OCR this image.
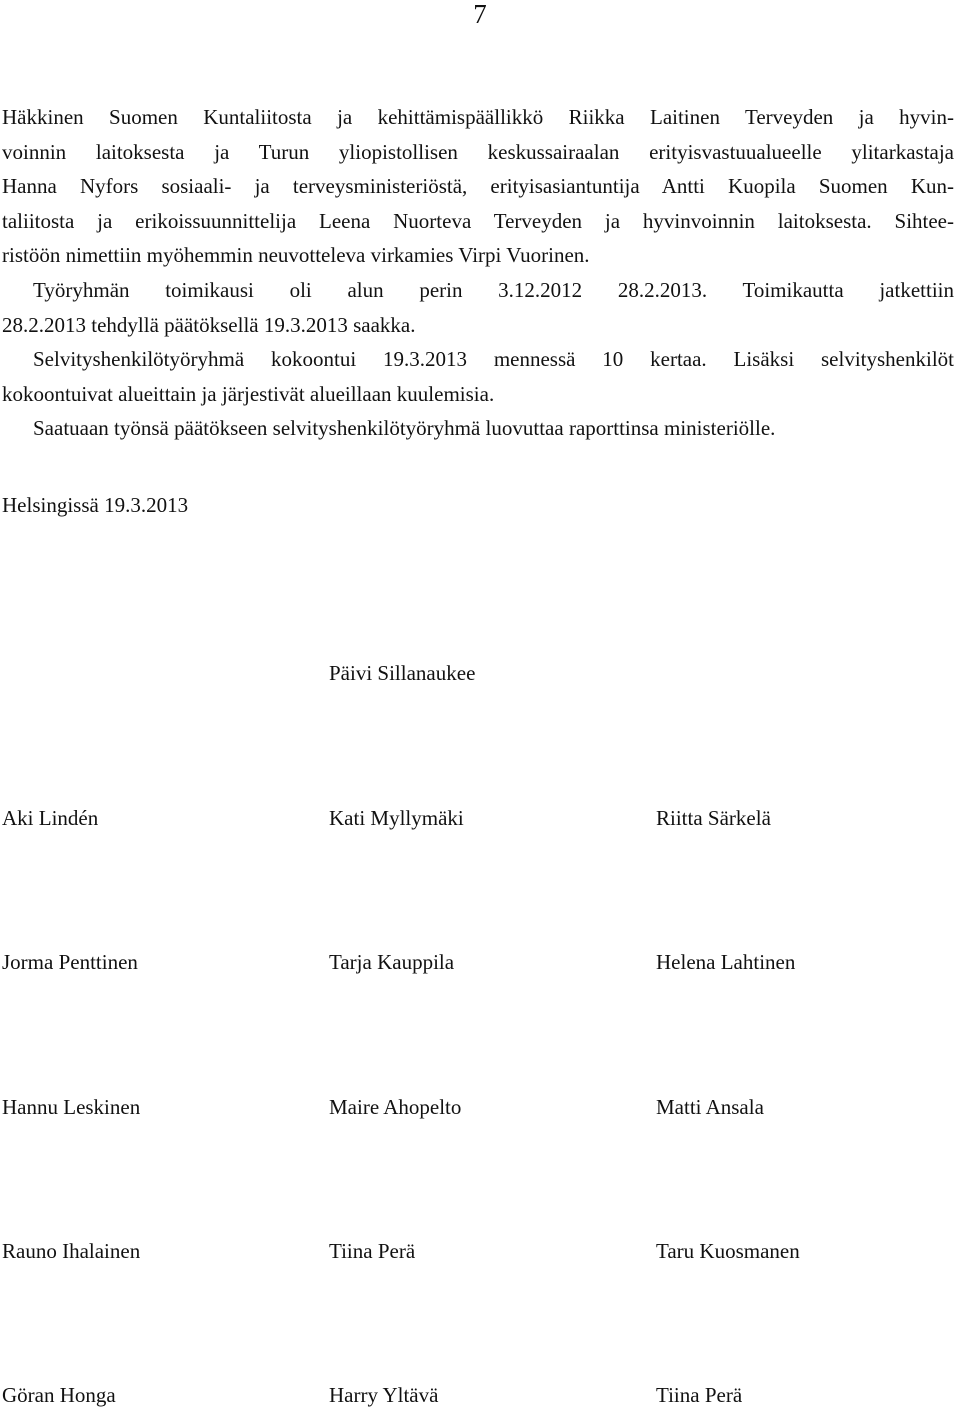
7
Häkkinen Suomen Kuntaliitosta ja kehittämispäällikkö Riikka Laitinen Terveyden ja hyvin-
voinnin laitoksesta ja Turun yliopistollisen keskussairaalan erityisvastuualueelle ylitarkastaja
Hanna Nyfors sosiaali- ja terveysministeriöstä, erityisasiantuntija Antti Kuopila Suomen Kun-
taliitosta ja erikoissuunnittelija Leena Nuorteva Terveyden ja hyvinvoinnin laitoksesta. Sihtee-
ristöön nimettiin myöhemmin neuvotteleva virkamies Virpi Vuorinen.
Työryhmän toimikausi oli alun perin 3.12.2012 28.2.2013. Toimikautta jatkettiin
28.2.2013 tehdyllä päätöksellä 19.3.2013 saakka.
Selvityshenkilötyöryhmä kokoontui 19.3.2013 mennessä 10 kertaa. Lisäksi selvityshenkilöt
kokoontuivat alueittain ja järjestivät alueillaan kuulemisia.
Saatuaan työnsä päätökseen selvityshenkilötyöryhmä luovuttaa raporttinsa ministeriölle.
Helsingissä 19.3.2013
Päivi Sillanaukee
Aki Lindén	Kati Myllymäki	Riitta Särkelä
Jorma Penttinen	Tarja Kauppila	Helena Lahtinen
Hannu Leskinen	Maire Ahopelto	Matti Ansala
Rauno Ihalainen	Tiina Perä	Taru Kuosmanen
Göran Honga	Harry Yltävä	Tiina Perä
